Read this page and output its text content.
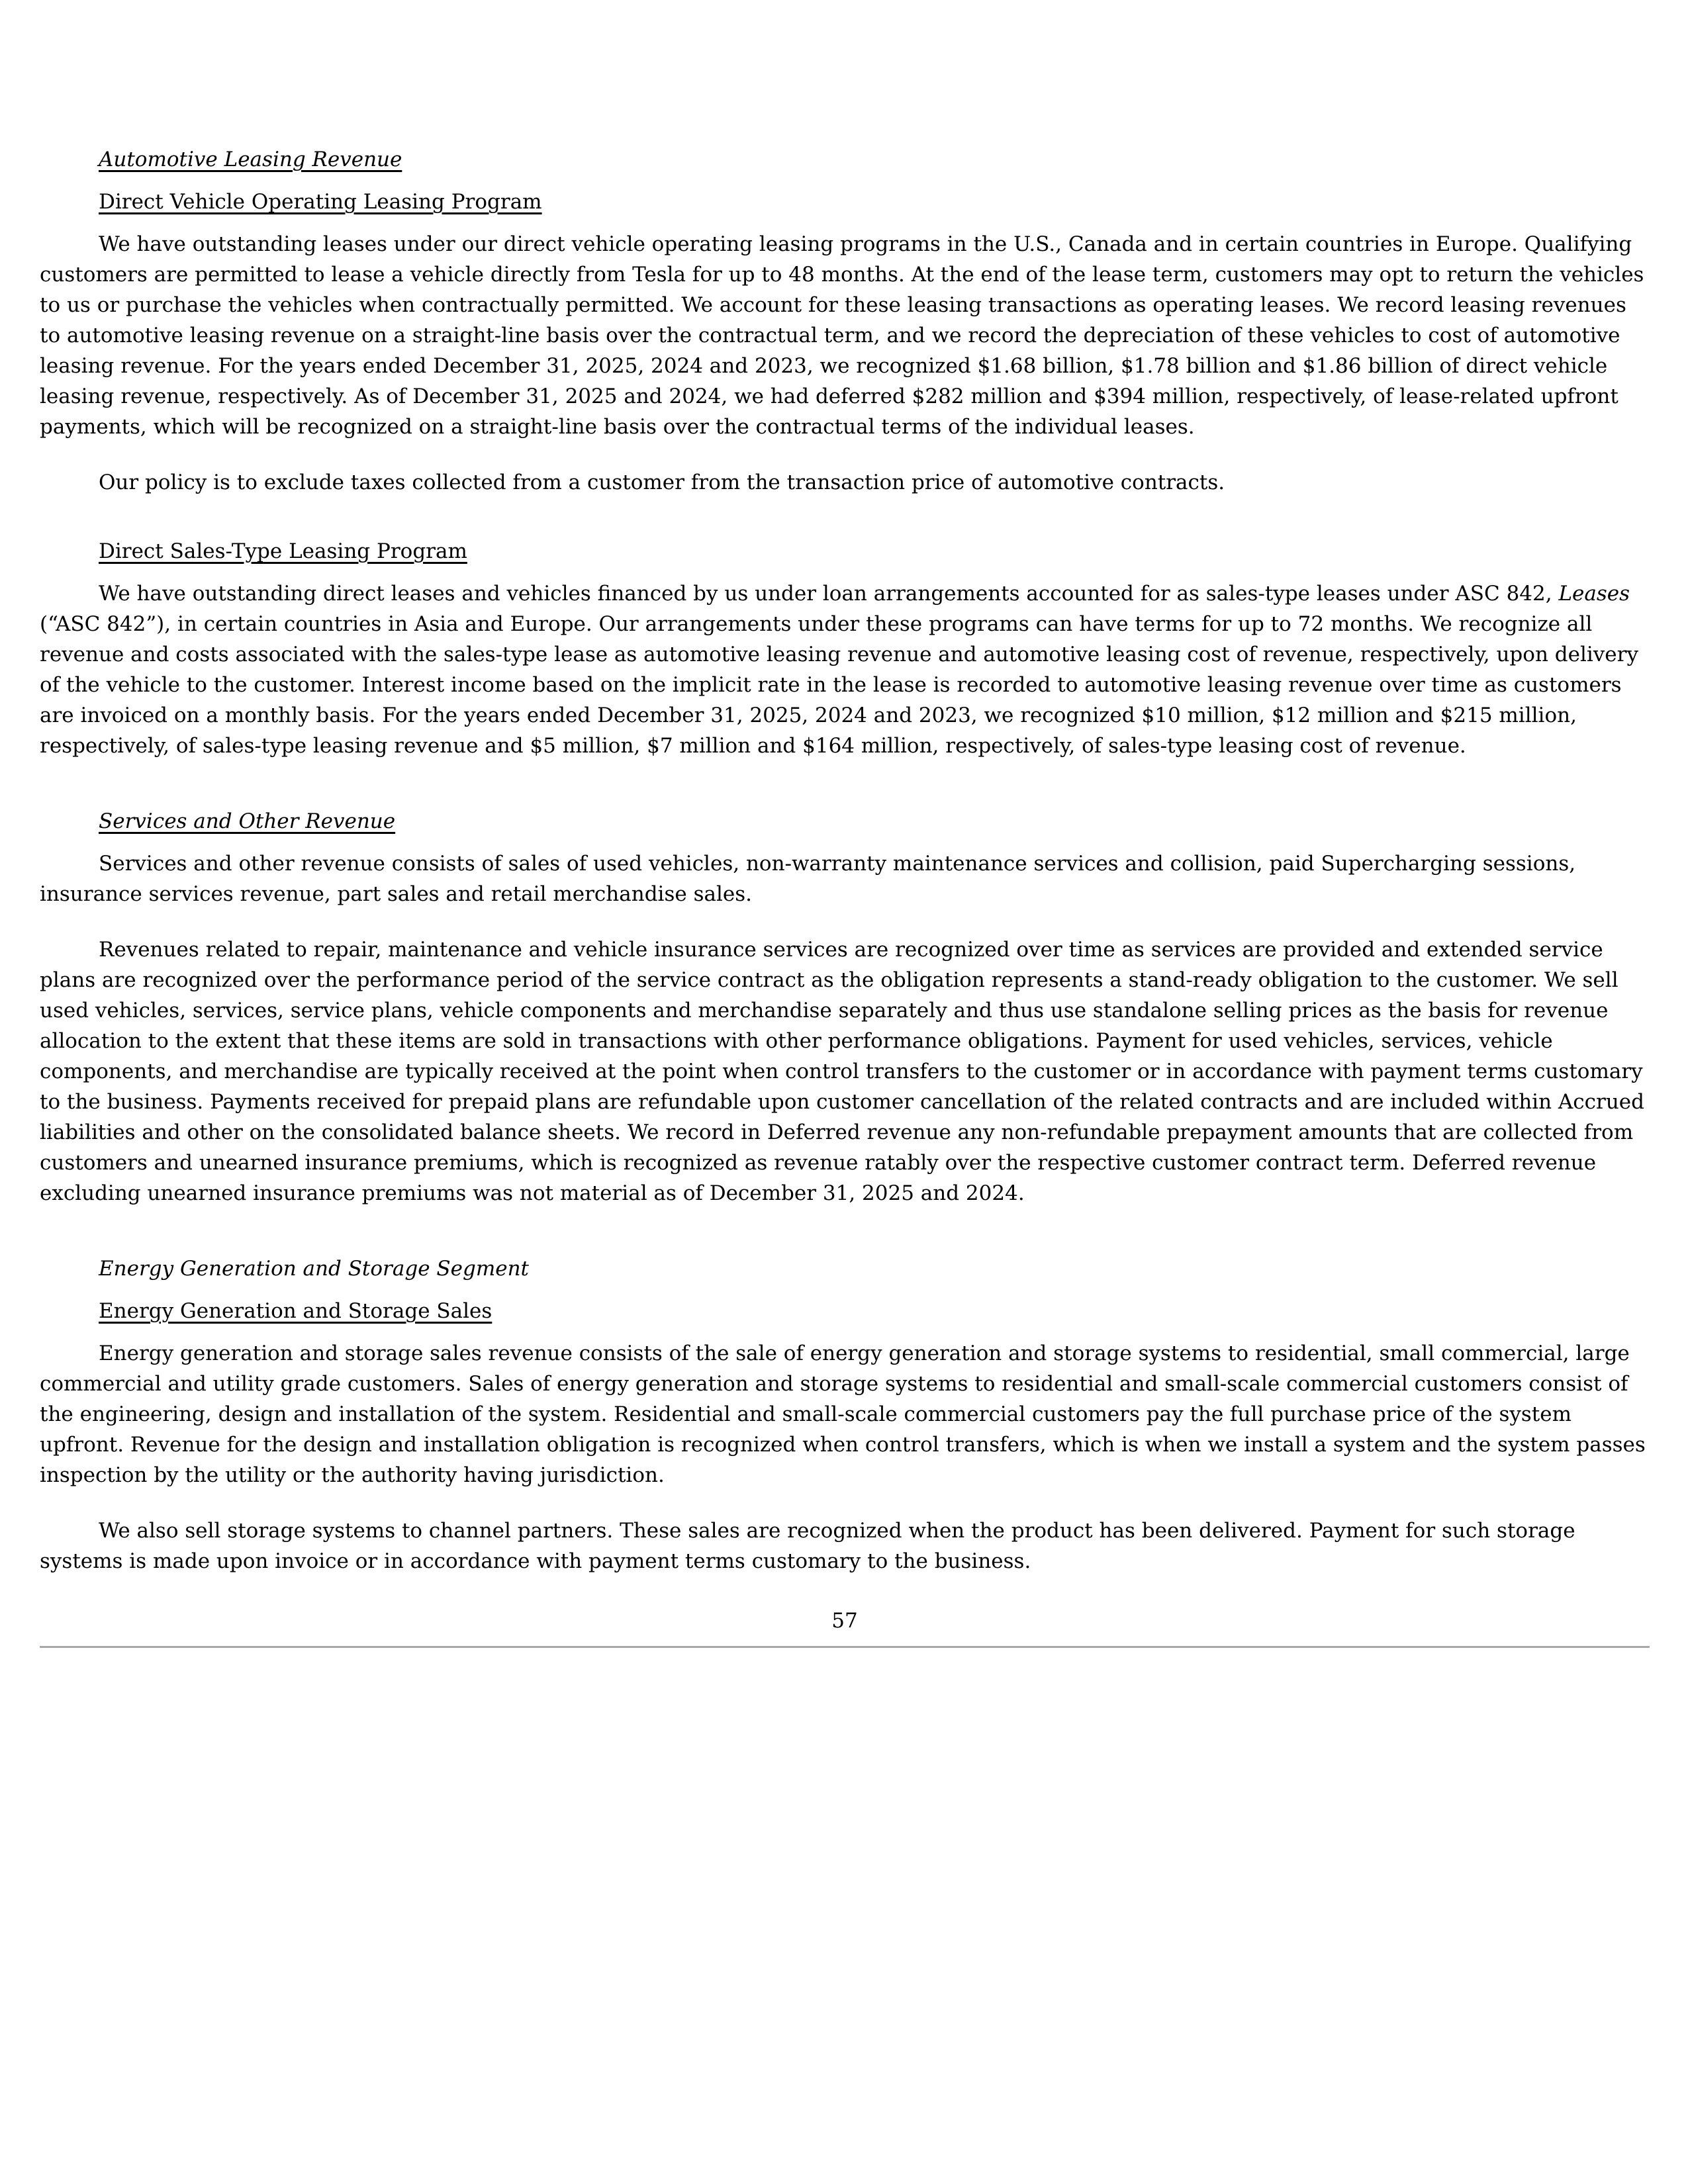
Automotive Leasing Revenue
Direct Vehicle Operating Leasing Program

We have outstanding leases under our direct vehicle operating leasing programs in the U.S., Canada and in certain countries in Europe. Qualifying customers are permitted to lease a vehicle directly from Tesla for up to 48 months. At the end of the lease term, customers may opt to return the vehicles to us or purchase the vehicles when contractually permitted. We account for these leasing transactions as operating leases. We record leasing revenues to automotive leasing revenue on a straight-line basis over the contractual term, and we record the depreciation of these vehicles to cost of automotive leasing revenue. For the years ended December 31, 2025, 2024 and 2023, we recognized $1.68 billion, $1.78 billion and $1.86 billion of direct vehicle leasing revenue, respectively. As of December 31, 2025 and 2024, we had deferred $282 million and $394 million, respectively, of lease-related upfront payments, which will be recognized on a straight-line basis over the contractual terms of the individual leases.

Our policy is to exclude taxes collected from a customer from the transaction price of automotive contracts.

Direct Sales-Type Leasing Program

We have outstanding direct leases and vehicles financed by us under loan arrangements accounted for as sales-type leases under ASC 842, Leases (“ASC 842”), in certain countries in Asia and Europe. Our arrangements under these programs can have terms for up to 72 months. We recognize all revenue and costs associated with the sales-type lease as automotive leasing revenue and automotive leasing cost of revenue, respectively, upon delivery of the vehicle to the customer. Interest income based on the implicit rate in the lease is recorded to automotive leasing revenue over time as customers are invoiced on a monthly basis. For the years ended December 31, 2025, 2024 and 2023, we recognized $10 million, $12 million and $215 million, respectively, of sales-type leasing revenue and $5 million, $7 million and $164 million, respectively, of sales-type leasing cost of revenue.

Services and Other Revenue

Services and other revenue consists of sales of used vehicles, non-warranty maintenance services and collision, paid Supercharging sessions, insurance services revenue, part sales and retail merchandise sales.

Revenues related to repair, maintenance and vehicle insurance services are recognized over time as services are provided and extended service plans are recognized over the performance period of the service contract as the obligation represents a stand-ready obligation to the customer. We sell used vehicles, services, service plans, vehicle components and merchandise separately and thus use standalone selling prices as the basis for revenue allocation to the extent that these items are sold in transactions with other performance obligations. Payment for used vehicles, services, vehicle components, and merchandise are typically received at the point when control transfers to the customer or in accordance with payment terms customary to the business. Payments received for prepaid plans are refundable upon customer cancellation of the related contracts and are included within Accrued liabilities and other on the consolidated balance sheets. We record in Deferred revenue any non-refundable prepayment amounts that are collected from customers and unearned insurance premiums, which is recognized as revenue ratably over the respective customer contract term. Deferred revenue excluding unearned insurance premiums was not material as of December 31, 2025 and 2024.

Energy Generation and Storage Segment
Energy Generation and Storage Sales

Energy generation and storage sales revenue consists of the sale of energy generation and storage systems to residential, small commercial, large commercial and utility grade customers. Sales of energy generation and storage systems to residential and small-scale commercial customers consist of the engineering, design and installation of the system. Residential and small-scale commercial customers pay the full purchase price of the system upfront. Revenue for the design and installation obligation is recognized when control transfers, which is when we install a system and the system passes inspection by the utility or the authority having jurisdiction.

We also sell storage systems to channel partners. These sales are recognized when the product has been delivered. Payment for such storage systems is made upon invoice or in accordance with payment terms customary to the business.

57
